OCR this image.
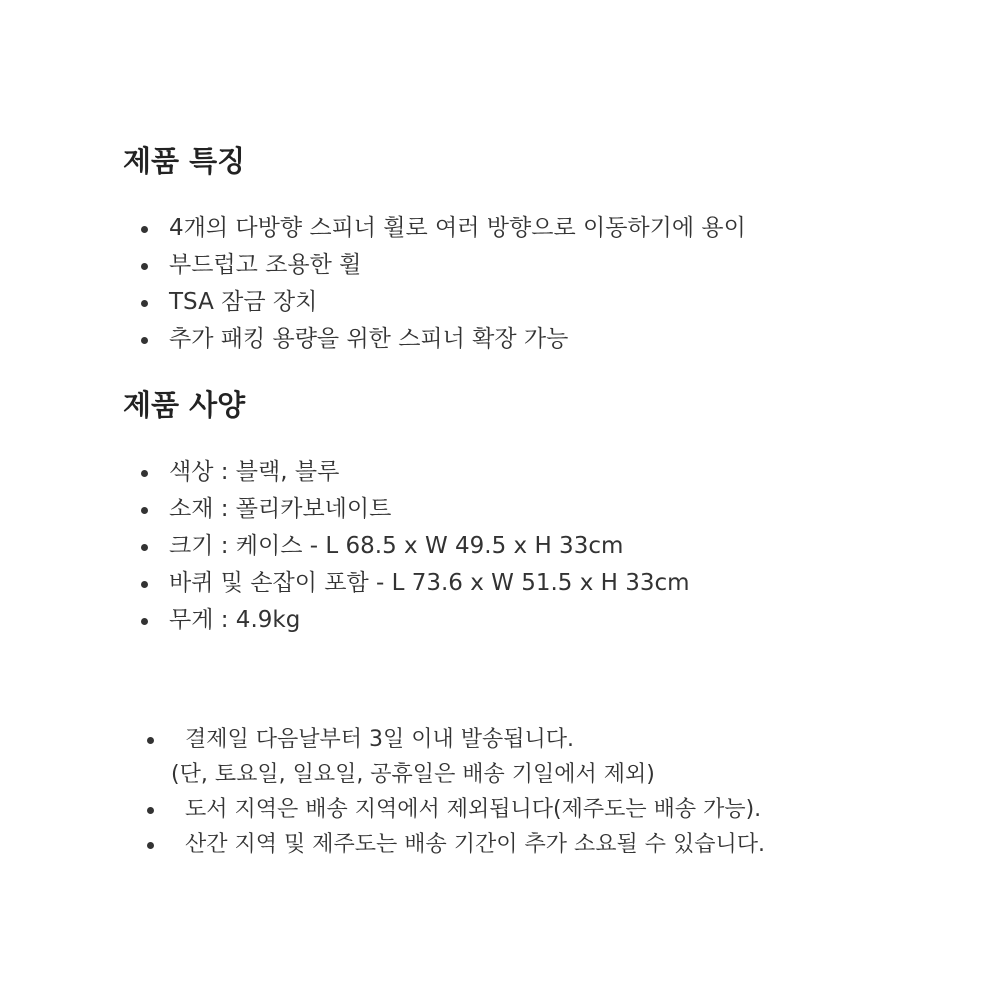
제품 특징
4개의 다방향 스피너 휠로 여러 방향으로 이동하기에 용이
부드럽고 조용한 휠
TSA 잠금 장치
추가 패킹 용량을 위한 스피너 확장 가능
제품 사양
색상 : 블랙, 블루
소재 : 폴리카보네이트
크기 : 케이스 - L 68.5 x W 49.5 x H 33cm
바퀴 및 손잡이 포함 - L 73.6 x W 51.5 x H 33cm
무게 : 4.9kg
결제일 다음날부터 3일 이내 발송됩니다.
(단, 토요일, 일요일, 공휴일은 배송 기일에서 제외)
도서 지역은 배송 지역에서 제외됩니다(제주도는 배송 가능).
산간 지역 및 제주도는 배송 기간이 추가 소요될 수 있습니다.
